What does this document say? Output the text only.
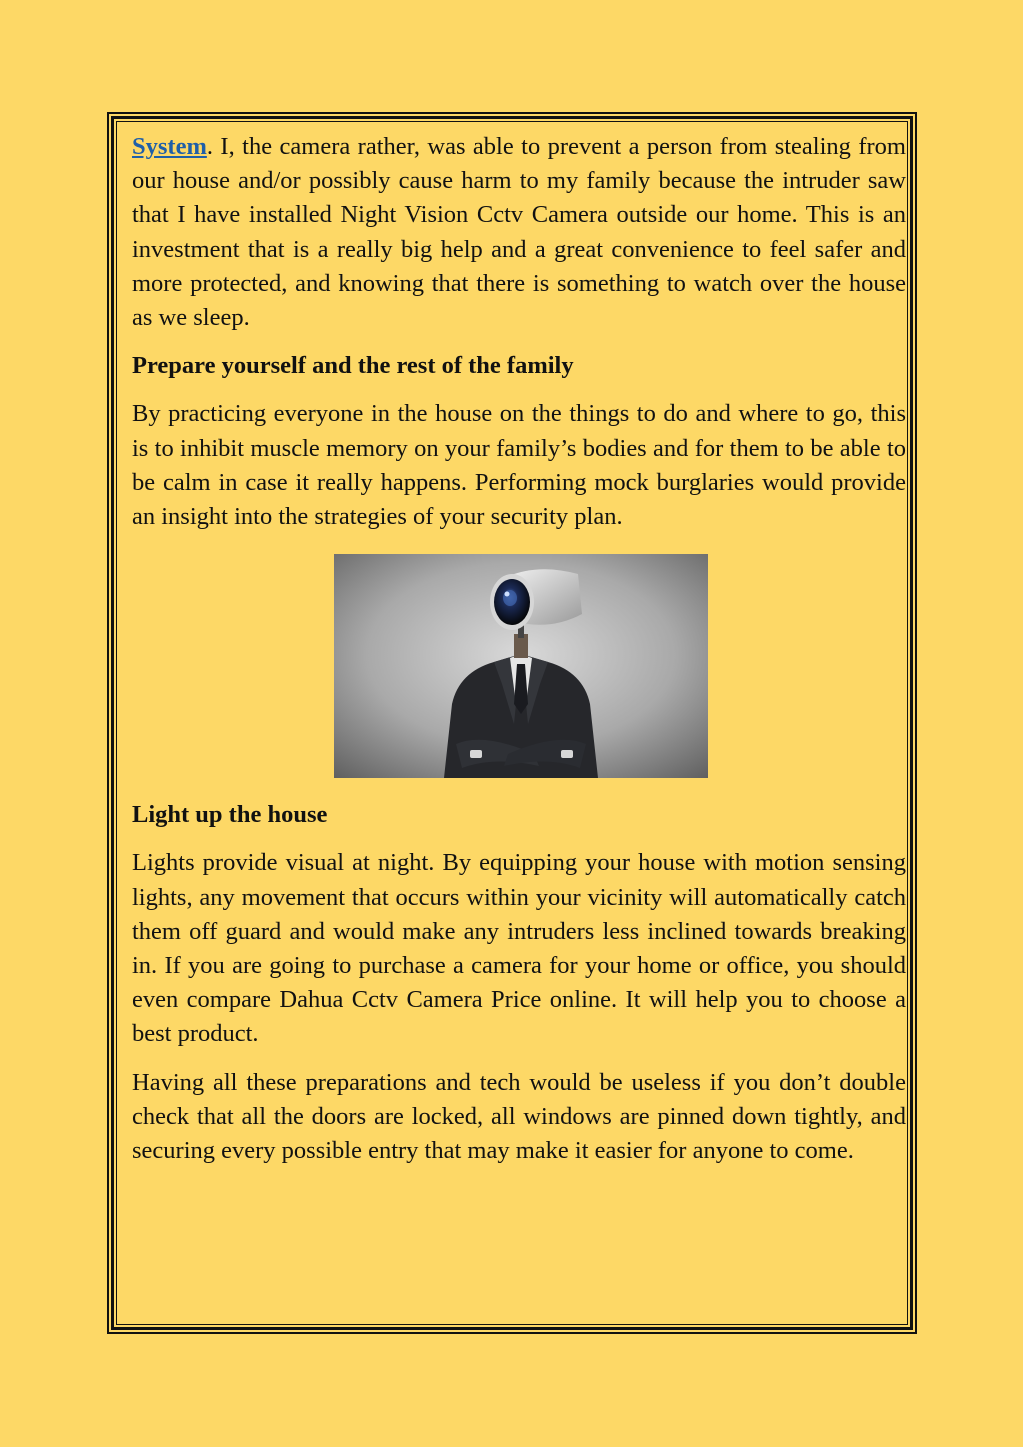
System. I, the camera rather, was able to prevent a person from stealing from our house and/or possibly cause harm to my family because the intruder saw that I have installed Night Vision Cctv Camera outside our home. This is an investment that is a really big help and a great convenience to feel safer and more protected, and knowing that there is something to watch over the house as we sleep.

Prepare yourself and the rest of the family

By practicing everyone in the house on the things to do and where to go, this is to inhibit muscle memory on your family’s bodies and for them to be able to be calm in case it really happens. Performing mock burglaries would provide an insight into the strategies of your security plan.

Light up the house

Lights provide visual at night. By equipping your house with motion sensing lights, any movement that occurs within your vicinity will automatically catch them off guard and would make any intruders less inclined towards breaking in. If you are going to purchase a camera for your home or office, you should even compare Dahua Cctv Camera Price online. It will help you to choose a best product.

Having all these preparations and tech would be useless if you don’t double check that all the doors are locked, all windows are pinned down tightly, and securing every possible entry that may make it easier for anyone to come.
